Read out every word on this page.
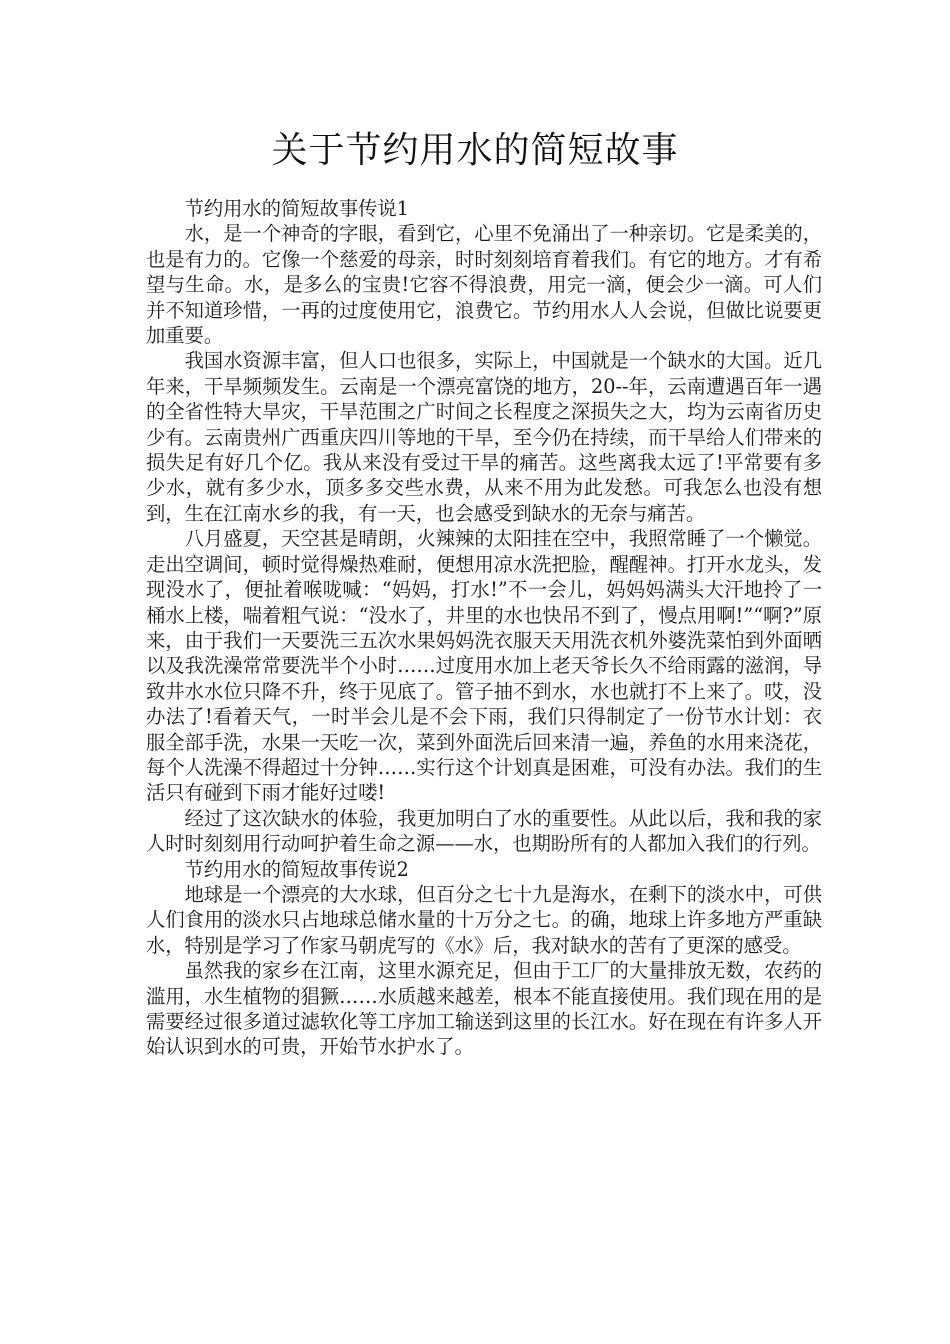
关于节约用水的简短故事

节约用水的简短故事传说1

水，是一个神奇的字眼，看到它，心里不免涌出了一种亲切。它是柔美的，也是有力的。它像一个慈爱的母亲，时时刻刻培育着我们。有它的地方。才有希望与生命。水，是多么的宝贵!它容不得浪费，用完一滴，便会少一滴。可人们并不知道珍惜，一再的过度使用它，浪费它。节约用水人人会说，但做比说要更加重要。

我国水资源丰富，但人口也很多，实际上，中国就是一个缺水的大国。近几年来，干旱频频发生。云南是一个漂亮富饶的地方，20--年，云南遭遇百年一遇的全省性特大旱灾，干旱范围之广时间之长程度之深损失之大，均为云南省历史少有。云南贵州广西重庆四川等地的干旱，至今仍在持续，而干旱给人们带来的损失足有好几个亿。我从来没有受过干旱的痛苦。这些离我太远了!平常要有多少水，就有多少水，顶多多交些水费，从来不用为此发愁。可我怎么也没有想到，生在江南水乡的我，有一天，也会感受到缺水的无奈与痛苦。

八月盛夏，天空甚是晴朗，火辣辣的太阳挂在空中，我照常睡了一个懒觉。走出空调间，顿时觉得燥热难耐，便想用凉水洗把脸，醒醒神。打开水龙头，发现没水了，便扯着喉咙喊：“妈妈，打水!”不一会儿，妈妈妈满头大汗地拎了一桶水上楼，喘着粗气说：“没水了，井里的水也快吊不到了，慢点用啊!”“啊?”原来，由于我们一天要洗三五次水果妈妈洗衣服天天用洗衣机外婆洗菜怕到外面晒以及我洗澡常常要洗半个小时……过度用水加上老天爷长久不给雨露的滋润，导致井水水位只降不升，终于见底了。管子抽不到水，水也就打不上来了。哎，没办法了!看着天气，一时半会儿是不会下雨，我们只得制定了一份节水计划：衣服全部手洗，水果一天吃一次，菜到外面洗后回来清一遍，养鱼的水用来浇花，每个人洗澡不得超过十分钟……实行这个计划真是困难，可没有办法。我们的生活只有碰到下雨才能好过喽!

经过了这次缺水的体验，我更加明白了水的重要性。从此以后，我和我的家人时时刻刻用行动呵护着生命之源——水，也期盼所有的人都加入我们的行列。

节约用水的简短故事传说2

地球是一个漂亮的大水球，但百分之七十九是海水，在剩下的淡水中，可供人们食用的淡水只占地球总储水量的十万分之七。的确，地球上许多地方严重缺水，特别是学习了作家马朝虎写的《水》后，我对缺水的苦有了更深的感受。

虽然我的家乡在江南，这里水源充足，但由于工厂的大量排放无数，农药的滥用，水生植物的猖獗……水质越来越差，根本不能直接使用。我们现在用的是需要经过很多道过滤软化等工序加工输送到这里的长江水。好在现在有许多人开始认识到水的可贵，开始节水护水了。
